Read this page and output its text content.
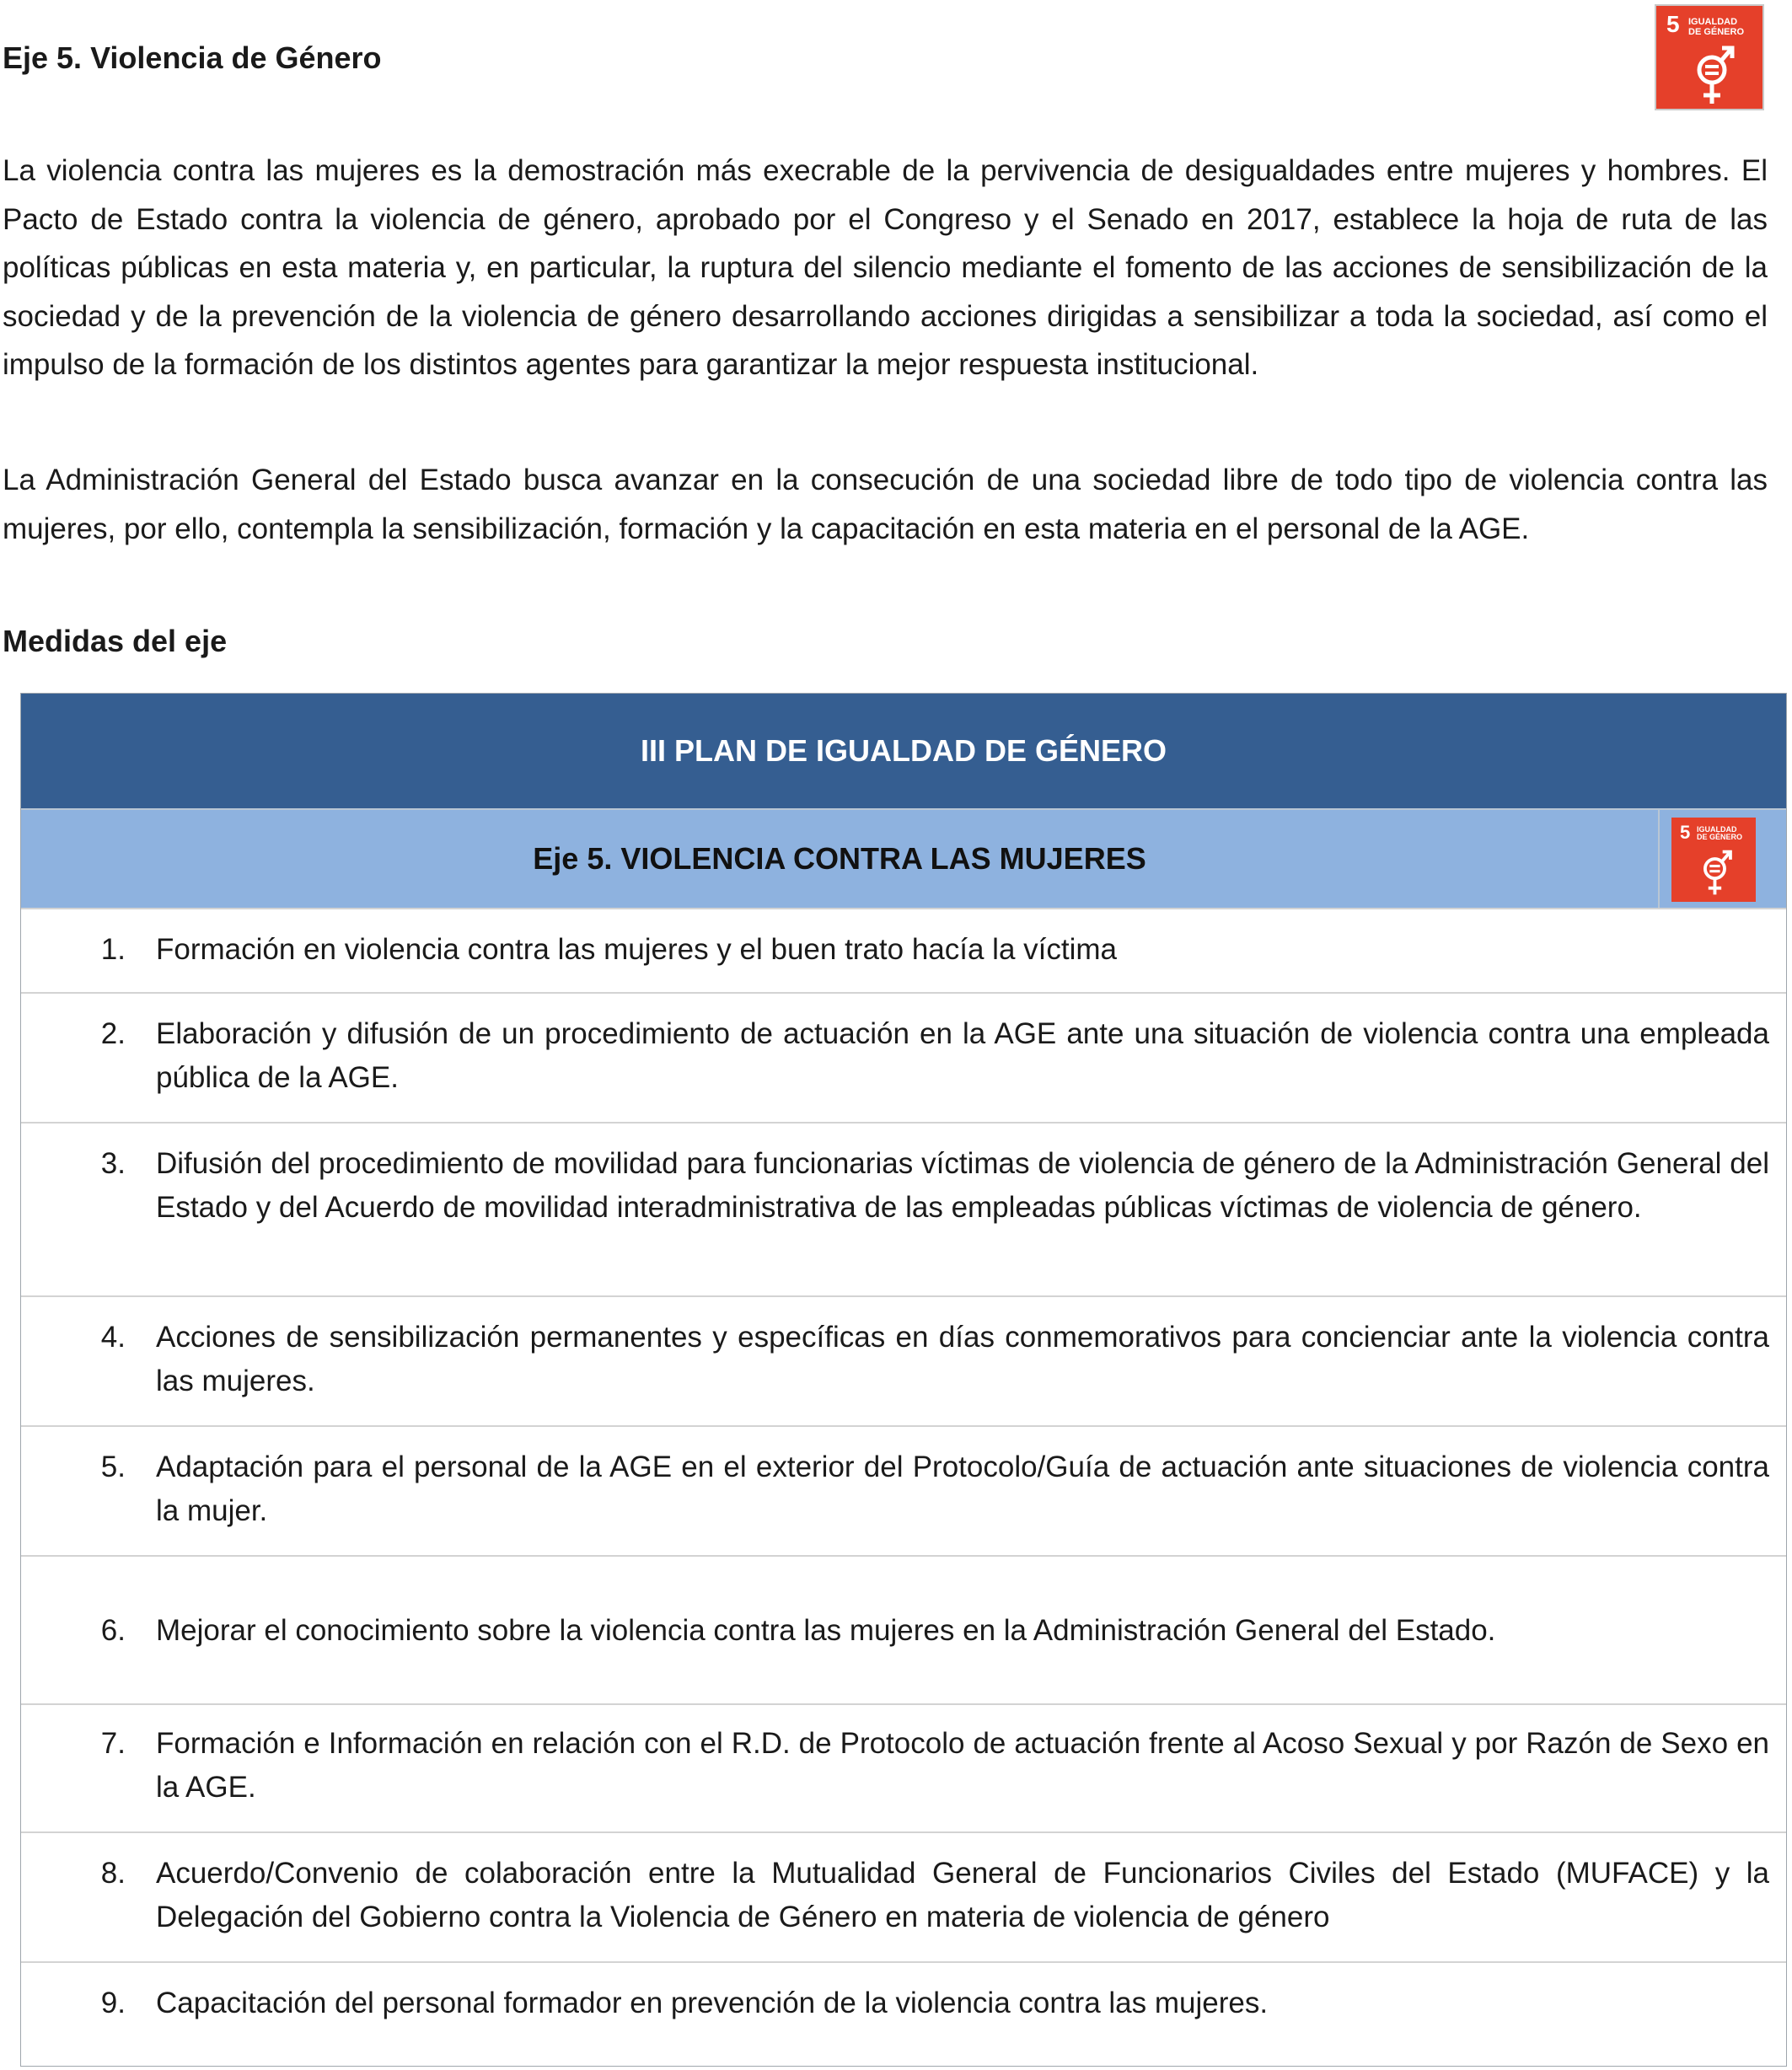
Eje 5. Violencia de Género
5 IGUALDAD
DE GÉNERO

La violencia contra las mujeres es la demostración más execrable de la pervivencia de desigualdades entre mujeres y hombres. El Pacto de Estado contra la violencia de género, aprobado por el Congreso y el Senado en 2017, establece la hoja de ruta de las políticas públicas en esta materia y, en particular, la ruptura del silencio mediante el fomento de las acciones de sensibilización de la sociedad y de la prevención de la violencia de género desarrollando acciones dirigidas a sensibilizar a toda la sociedad, así como el impulso de la formación de los distintos agentes para garantizar la mejor respuesta institucional.

La Administración General del Estado busca avanzar en la consecución de una sociedad libre de todo tipo de violencia contra las mujeres, por ello, contempla la sensibilización, formación y la capacitación en esta materia en el personal de la AGE.

Medidas del eje
III PLAN DE IGUALDAD DE GÉNERO
Eje 5. VIOLENCIA CONTRA LAS MUJERES
5 IGUALDAD
DE GÉNERO
1. Formación en violencia contra las mujeres y el buen trato hacía la víctima
2. Elaboración y difusión de un procedimiento de actuación en la AGE ante una situación de violencia contra una empleada pública de la AGE.
3. Difusión del procedimiento de movilidad para funcionarias víctimas de violencia de género de la Administración General del Estado y del Acuerdo de movilidad interadministrativa de las empleadas públicas víctimas de violencia de género.
4. Acciones de sensibilización permanentes y específicas en días conmemorativos para concienciar ante la violencia contra las mujeres.
5. Adaptación para el personal de la AGE en el exterior del Protocolo/Guía de actuación ante situaciones de violencia contra la mujer.
6. Mejorar el conocimiento sobre la violencia contra las mujeres en la Administración General del Estado.
7. Formación e Información en relación con el R.D. de Protocolo de actuación frente al Acoso Sexual y por Razón de Sexo en la AGE.
8. Acuerdo/Convenio de colaboración entre la Mutualidad General de Funcionarios Civiles del Estado (MUFACE) y la Delegación del Gobierno contra la Violencia de Género en materia de violencia de género
9. Capacitación del personal formador en prevención de la violencia contra las mujeres.
